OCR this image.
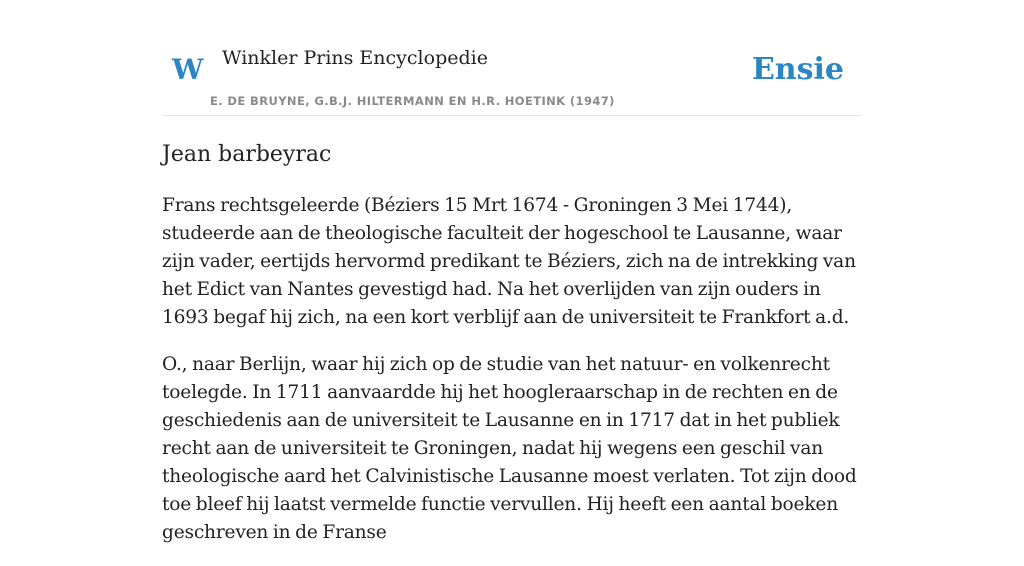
W Winkler Prins Encyclopedie
E. DE BRUYNE, G.B.J. HILTERMANN EN H.R. HOETINK (1947)
Ensie
Jean barbeyrac

Frans rechtsgeleerde (Béziers 15 Mrt 1674 - Groningen 3 Mei 1744), studeerde aan de theologische faculteit der hogeschool te Lausanne, waar zijn vader, eertijds hervormd predikant te Béziers, zich na de intrekking van het Edict van Nantes gevestigd had. Na het overlijden van zijn ouders in 1693 begaf hij zich, na een kort verblijf aan de universiteit te Frankfort a.d.

O., naar Berlijn, waar hij zich op de studie van het natuur- en volkenrecht toelegde. In 1711 aanvaardde hij het hoogleraarschap in de rechten en de geschiedenis aan de universiteit te Lausanne en in 1717 dat in het publiek recht aan de universiteit te Groningen, nadat hij wegens een geschil van theologische aard het Calvinistische Lausanne moest verlaten. Tot zijn dood toe bleef hij laatst vermelde functie vervullen. Hij heeft een aantal boeken geschreven in de Franse
